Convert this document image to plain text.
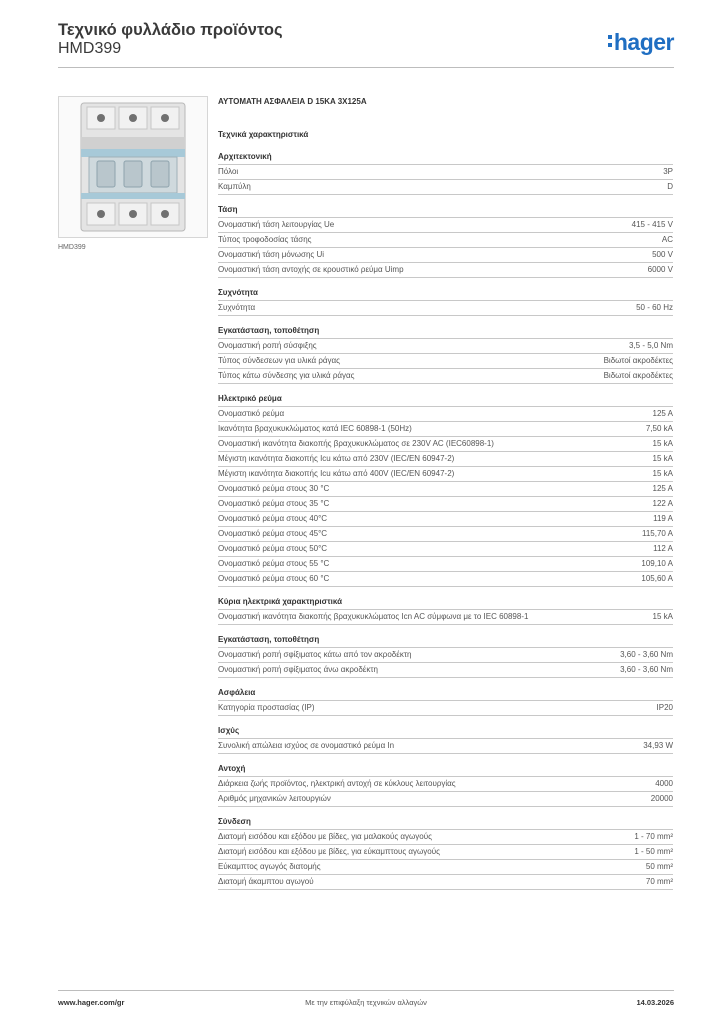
Τεχνικό φυλλάδιο προϊόντος
HMD399	hager
HMD399
ΑΥΤΟΜΑΤΗ ΑΣΦΑΛΕΙΑ D 15KA 3X125A
Τεχνικά χαρακτηριστικά
Αρχιτεκτονική
Πόλοι	3P
Καμπύλη	D
Τάση
Ονομαστική τάση λειτουργίας Ue	415 - 415 V
Τύπος τροφοδοσίας τάσης	AC
Ονομαστική τάση μόνωσης Ui	500 V
Ονομαστική τάση αντοχής σε κρουστικό ρεύμα Uimp	6000 V
Συχνότητα
Συχνότητα	50 - 60 Hz
Εγκατάσταση, τοποθέτηση
Ονομαστική ροπή σύσφιξης	3,5 - 5,0 Nm
Τύπος σύνδεσεων για υλικά ράγας	Βιδωτοί ακροδέκτες
Τύπος κάτω σύνδεσης για υλικά ράγας	Βιδωτοί ακροδέκτες
Ηλεκτρικό ρεύμα
Ονομαστικό ρεύμα	125 A
Ικανότητα βραχυκυκλώματος κατά IEC 60898-1 (50Hz)	7,50 kA
Ονομαστική ικανότητα διακοπής βραχυκυκλώματος σε 230V AC (IEC60898-1)	15 kA
Μέγιστη ικανότητα διακοπής Icu κάτω από 230V (IEC/EN 60947-2)	15 kA
Μέγιστη ικανότητα διακοπής Icu κάτω από 400V (IEC/EN 60947-2)	15 kA
Ονομαστικό ρεύμα στους 30 °C	125 A
Ονομαστικό ρεύμα στους 35 °C	122 A
Ονομαστικό ρεύμα στους 40°C	119 A
Ονομαστικό ρεύμα στους 45°C	115,70 A
Ονομαστικό ρεύμα στους 50°C	112 A
Ονομαστικό ρεύμα στους 55 °C	109,10 A
Ονομαστικό ρεύμα στους 60 °C	105,60 A
Κύρια ηλεκτρικά χαρακτηριστικά
Ονομαστική ικανότητα διακοπής βραχυκυκλώματος Icn AC σύμφωνα με το IEC 60898-1	15 kA
Εγκατάσταση, τοποθέτηση
Ονομαστική ροπή σφίξιματος κάτω από τον ακροδέκτη	3,60 - 3,60 Nm
Ονομαστική ροπή σφίξιματος άνω ακροδέκτη	3,60 - 3,60 Nm
Ασφάλεια
Κατηγορία προστασίας (IP)	IP20
Ισχύς
Συνολική απώλεια ισχύος σε ονομαστικό ρεύμα In	34,93 W
Αντοχή
Διάρκεια ζωής προϊόντος, ηλεκτρική αντοχή σε κύκλους λειτουργίας	4000
Αριθμός μηχανικών λειτουργιών	20000
Σύνδεση
Διατομή εισόδου και εξόδου με βίδες, για μαλακούς αγωγούς	1 - 70 mm²
Διατομή εισόδου και εξόδου με βίδες, για εύκαμπτους αγωγούς	1 - 50 mm²
Εύκαμπτος αγωγός διατομής	50 mm²
Διατομή άκαμπτου αγωγού	70 mm²
www.hager.com/gr	Με την επιφύλαξη τεχνικών αλλαγών	14.03.2026
